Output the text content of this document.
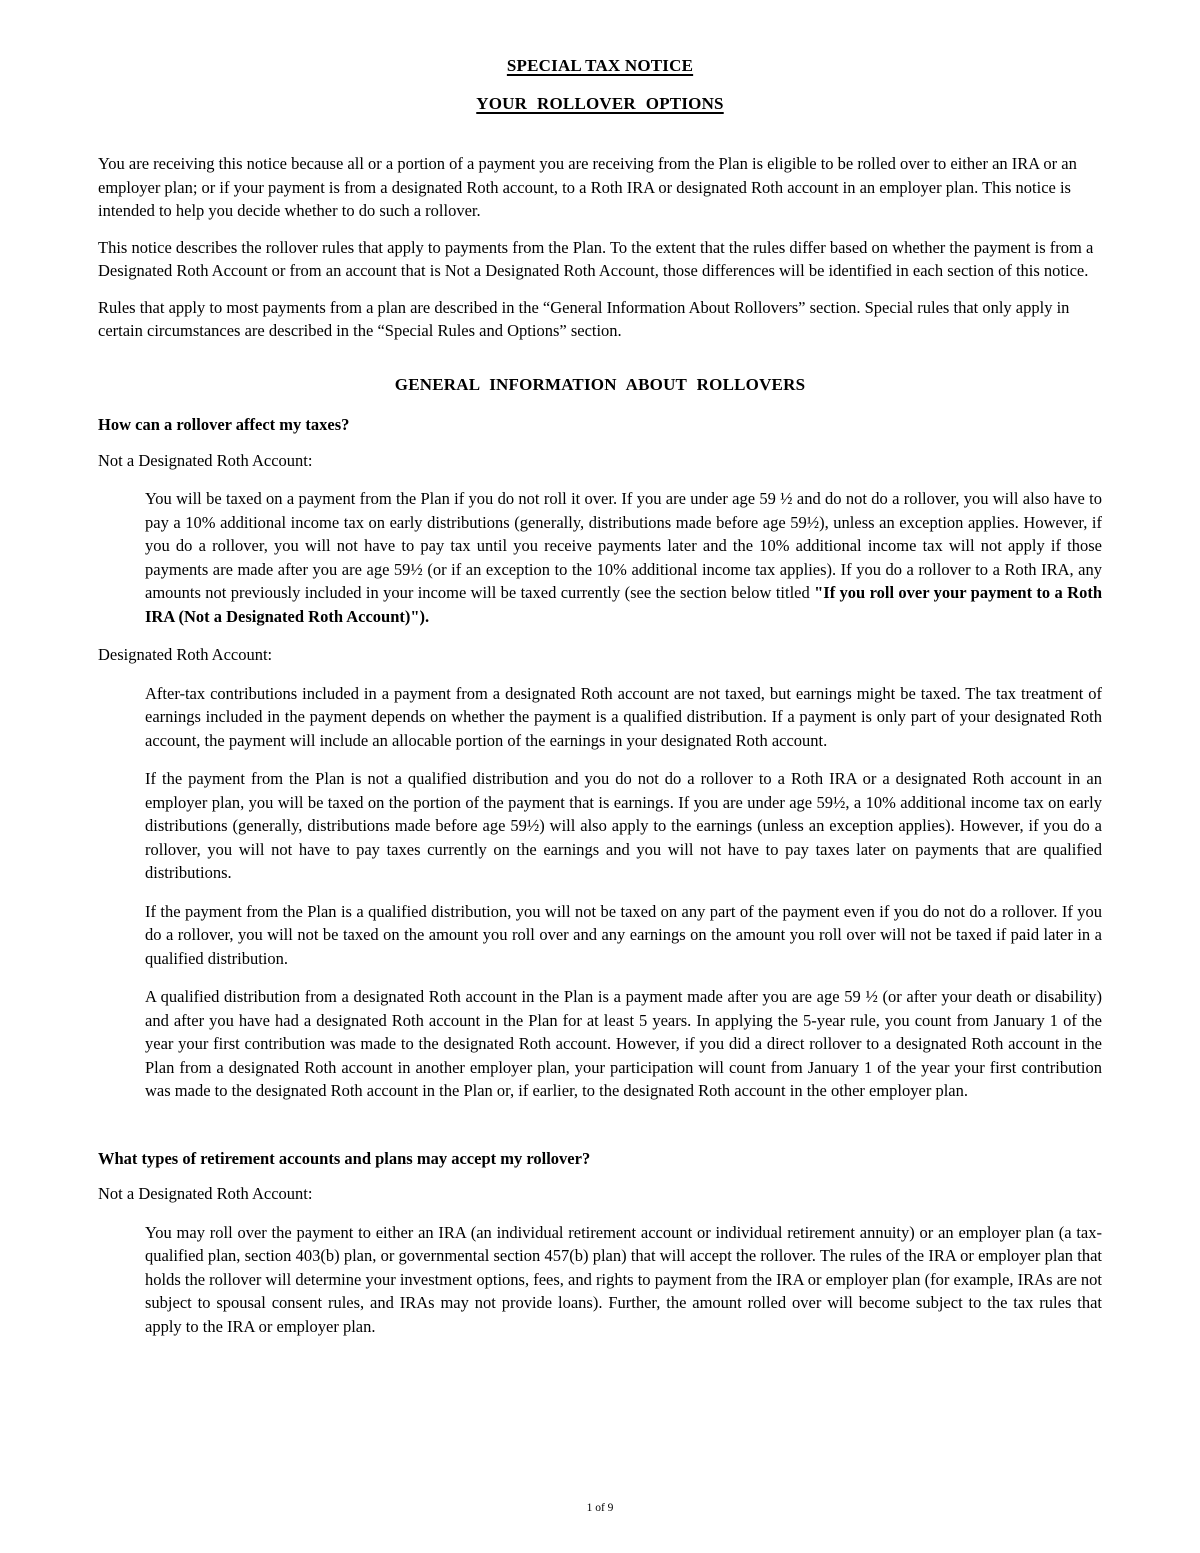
SPECIAL TAX NOTICE
YOUR ROLLOVER OPTIONS
You are receiving this notice because all or a portion of a payment you are receiving from the Plan is eligible to be rolled over to either an IRA or an employer plan; or if your payment is from a designated Roth account, to a Roth IRA or designated Roth account in an employer plan. This notice is intended to help you decide whether to do such a rollover.
This notice describes the rollover rules that apply to payments from the Plan. To the extent that the rules differ based on whether the payment is from a Designated Roth Account or from an account that is Not a Designated Roth Account, those differences will be identified in each section of this notice.
Rules that apply to most payments from a plan are described in the “General Information About Rollovers” section. Special rules that only apply in certain circumstances are described in the “Special Rules and Options” section.
GENERAL INFORMATION ABOUT ROLLOVERS
How can a rollover affect my taxes?
Not a Designated Roth Account:
You will be taxed on a payment from the Plan if you do not roll it over. If you are under age 59 ½ and do not do a rollover, you will also have to pay a 10% additional income tax on early distributions (generally, distributions made before age 59½), unless an exception applies. However, if you do a rollover, you will not have to pay tax until you receive payments later and the 10% additional income tax will not apply if those payments are made after you are age 59½ (or if an exception to the 10% additional income tax applies). If you do a rollover to a Roth IRA, any amounts not previously included in your income will be taxed currently (see the section below titled "If you roll over your payment to a Roth IRA (Not a Designated Roth Account)").
Designated Roth Account:
After-tax contributions included in a payment from a designated Roth account are not taxed, but earnings might be taxed. The tax treatment of earnings included in the payment depends on whether the payment is a qualified distribution. If a payment is only part of your designated Roth account, the payment will include an allocable portion of the earnings in your designated Roth account.
If the payment from the Plan is not a qualified distribution and you do not do a rollover to a Roth IRA or a designated Roth account in an employer plan, you will be taxed on the portion of the payment that is earnings. If you are under age 59½, a 10% additional income tax on early distributions (generally, distributions made before age 59½) will also apply to the earnings (unless an exception applies). However, if you do a rollover, you will not have to pay taxes currently on the earnings and you will not have to pay taxes later on payments that are qualified distributions.
If the payment from the Plan is a qualified distribution, you will not be taxed on any part of the payment even if you do not do a rollover. If you do a rollover, you will not be taxed on the amount you roll over and any earnings on the amount you roll over will not be taxed if paid later in a qualified distribution.
A qualified distribution from a designated Roth account in the Plan is a payment made after you are age 59 ½ (or after your death or disability) and after you have had a designated Roth account in the Plan for at least 5 years. In applying the 5-year rule, you count from January 1 of the year your first contribution was made to the designated Roth account. However, if you did a direct rollover to a designated Roth account in the Plan from a designated Roth account in another employer plan, your participation will count from January 1 of the year your first contribution was made to the designated Roth account in the Plan or, if earlier, to the designated Roth account in the other employer plan.
What types of retirement accounts and plans may accept my rollover?
Not a Designated Roth Account:
You may roll over the payment to either an IRA (an individual retirement account or individual retirement annuity) or an employer plan (a tax-qualified plan, section 403(b) plan, or governmental section 457(b) plan) that will accept the rollover. The rules of the IRA or employer plan that holds the rollover will determine your investment options, fees, and rights to payment from the IRA or employer plan (for example, IRAs are not subject to spousal consent rules, and IRAs may not provide loans). Further, the amount rolled over will become subject to the tax rules that apply to the IRA or employer plan.
1 of 9
